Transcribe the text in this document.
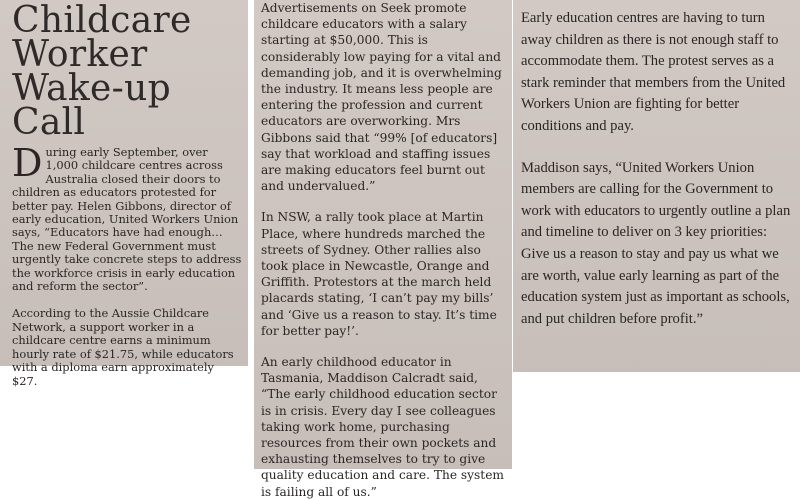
Childcare Worker Wake-up Call

During early September, over 1,000 childcare centres across Australia closed their doors to children as educators protested for better pay. Helen Gibbons, director of early education, United Workers Union says, “Educators have had enough… The new Federal Government must urgently take concrete steps to address the workforce crisis in early education and reform the sector”.

According to the Aussie Childcare Network, a support worker in a childcare centre earns a minimum hourly rate of $21.75, while educators with a diploma earn approximately $27.

Advertisements on Seek promote childcare educators with a salary starting at $50,000. This is considerably low paying for a vital and demanding job, and it is overwhelming the industry. It means less people are entering the profession and current educators are overworking. Mrs Gibbons said that “99% [of educators] say that workload and staffing issues are making educators feel burnt out and undervalued.”

In NSW, a rally took place at Martin Place, where hundreds marched the streets of Sydney. Other rallies also took place in Newcastle, Orange and Griffith. Protestors at the march held placards stating, ‘I can’t pay my bills’ and ‘Give us a reason to stay. It’s time for better pay!’.

An early childhood educator in Tasmania, Maddison Calcradt said, “The early childhood education sector is in crisis. Every day I see colleagues taking work home, purchasing resources from their own pockets and exhausting themselves to try to give quality education and care. The system is failing all of us.”

Early education centres are having to turn away children as there is not enough staff to accommodate them. The protest serves as a stark reminder that members from the United Workers Union are fighting for better conditions and pay.

Maddison says, “United Workers Union members are calling for the Government to work with educators to urgently outline a plan and timeline to deliver on 3 key priorities: Give us a reason to stay and pay us what we are worth, value early learning as part of the education system just as important as schools, and put children before profit.”
